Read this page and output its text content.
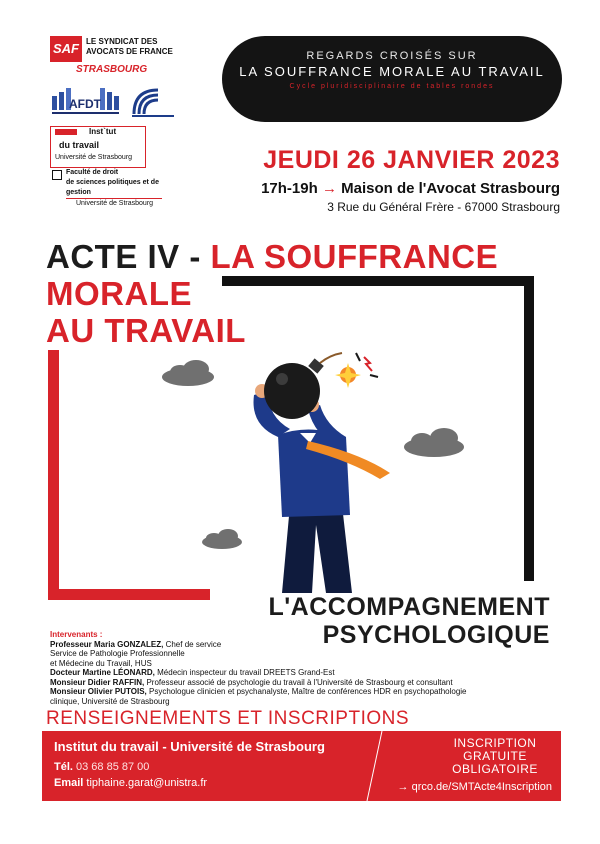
SAF LE SYNDICAT DES AVOCATS DE FRANCE
STRASBOURG
AFDT
Inst`tut
du travail
Université de Strasbourg
Faculté de droit
de sciences politiques et de gestion
Université de Strasbourg
REGARDS CROISÉS SUR
LA SOUFFRANCE MORALE AU TRAVAIL
Cycle pluridisciplinaire de tables rondes
JEUDI 26 JANVIER 2023
17h-19h → Maison de l'Avocat Strasbourg
3 Rue du Général Frère - 67000 Strasbourg
ACTE IV - LA SOUFFRANCE
MORALE
AU TRAVAIL
L'ACCOMPAGNEMENT
PSYCHOLOGIQUE
Intervenants :
Professeur Maria GONZALEZ, Chef de service
Service de Pathologie Professionnelle
et Médecine du Travail, HUS
Docteur Martine LÉONARD, Médecin inspecteur du travail DREETS Grand-Est
Monsieur Didier RAFFIN, Professeur associé de psychologie du travail à l'Université de Strasbourg et consultant
Monsieur Olivier PUTOIS, Psychologue clinicien et psychanalyste, Maître de conférences HDR en psychopathologie
clinique, Université de Strasbourg
RENSEIGNEMENTS ET INSCRIPTIONS
Institut du travail - Université de Strasbourg
Tél. 03 68 85 87 00
Email tiphaine.garat@unistra.fr
INSCRIPTION
GRATUITE
OBLIGATOIRE
→ qrco.de/SMTActe4Inscription
